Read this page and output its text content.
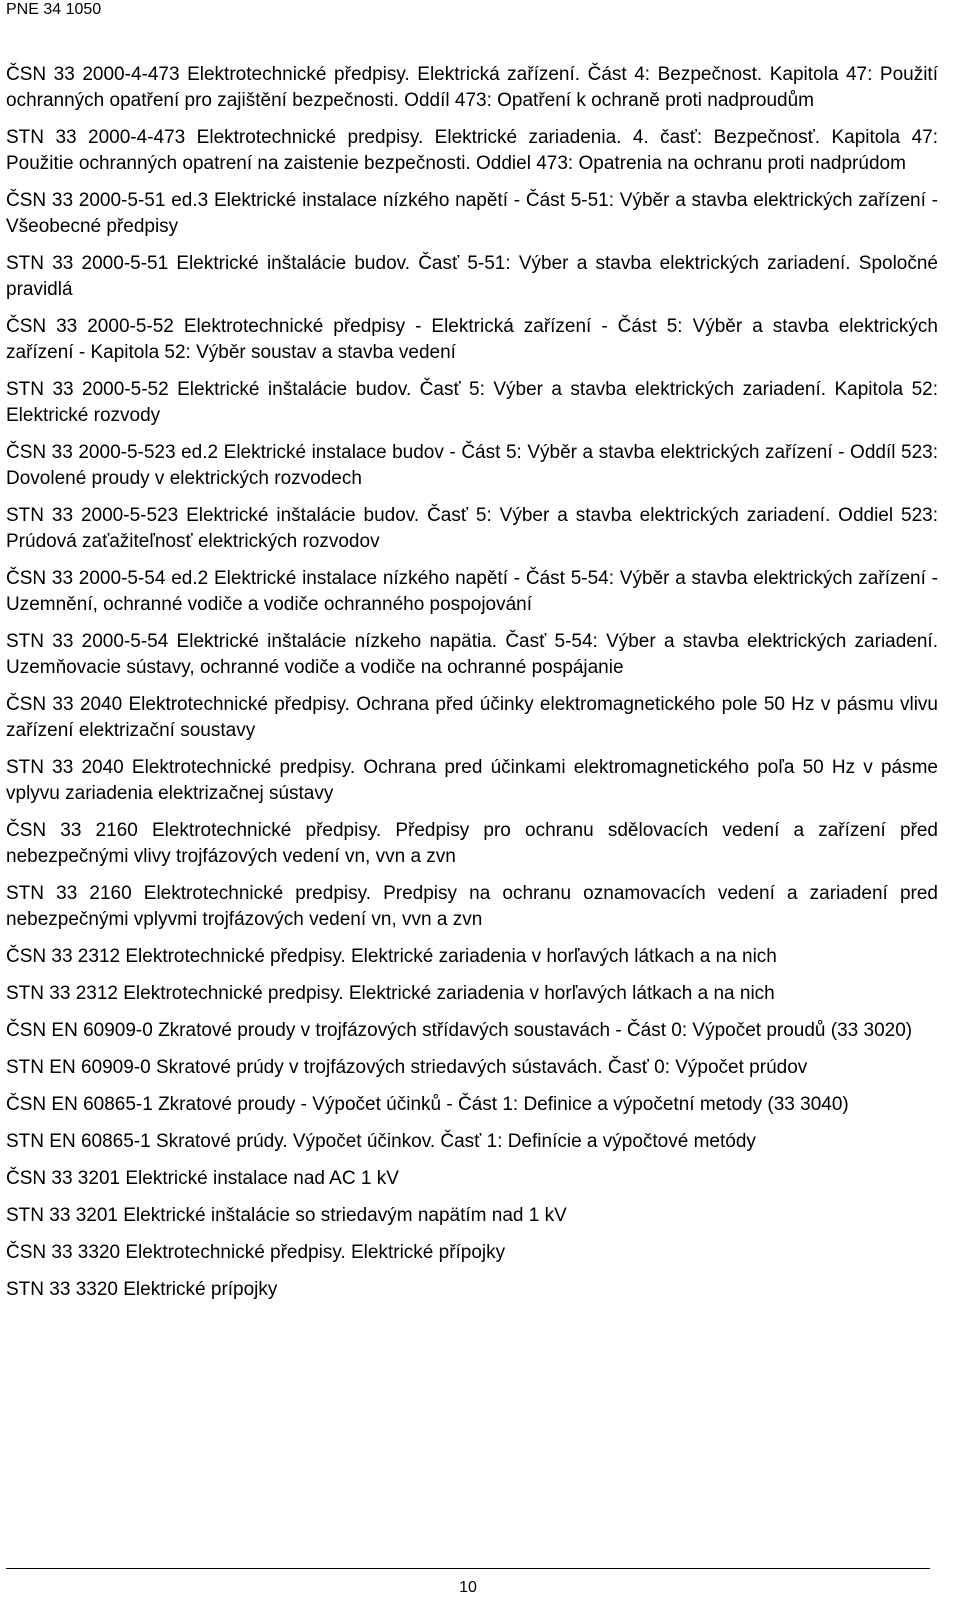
PNE 34 1050

ČSN 33 2000-4-473 Elektrotechnické předpisy. Elektrická zařízení. Část 4: Bezpečnost. Kapitola 47: Použití ochranných opatření pro zajištění bezpečnosti. Oddíl 473: Opatření k ochraně proti nadproudům

STN 33 2000-4-473 Elektrotechnické predpisy. Elektrické zariadenia. 4. časť: Bezpečnosť. Kapitola 47: Použitie ochranných opatrení na zaistenie bezpečnosti. Oddiel 473: Opatrenia na ochranu proti nadprúdom

ČSN 33 2000-5-51 ed.3 Elektrické instalace nízkého napětí - Část 5-51: Výběr a stavba elektrických zařízení - Všeobecné předpisy

STN 33 2000-5-51 Elektrické inštalácie budov. Časť 5-51: Výber a stavba elektrických zariadení. Spoločné pravidlá

ČSN 33 2000-5-52 Elektrotechnické předpisy - Elektrická zařízení - Část 5: Výběr a stavba elektrických zařízení - Kapitola 52: Výběr soustav a stavba vedení

STN 33 2000-5-52 Elektrické inštalácie budov. Časť 5: Výber a stavba elektrických zariadení. Kapitola 52: Elektrické rozvody

ČSN 33 2000-5-523 ed.2 Elektrické instalace budov - Část 5: Výběr a stavba elektrických zařízení - Oddíl 523: Dovolené proudy v elektrických rozvodech

STN 33 2000-5-523 Elektrické inštalácie budov. Časť 5: Výber a stavba elektrických zariadení. Oddiel 523: Prúdová zaťažiteľnosť elektrických rozvodov

ČSN 33 2000-5-54 ed.2 Elektrické instalace nízkého napětí - Část 5-54: Výběr a stavba elektrických zařízení - Uzemnění, ochranné vodiče a vodiče ochranného pospojování

STN 33 2000-5-54 Elektrické inštalácie nízkeho napätia. Časť 5-54: Výber a stavba elektrických zariadení. Uzemňovacie sústavy, ochranné vodiče a vodiče na ochranné pospájanie

ČSN 33 2040 Elektrotechnické předpisy. Ochrana před účinky elektromagnetického pole 50 Hz v pásmu vlivu zařízení elektrizační soustavy

STN 33 2040 Elektrotechnické predpisy. Ochrana pred účinkami elektromagnetického poľa 50 Hz v pásme vplyvu zariadenia elektrizačnej sústavy

ČSN 33 2160 Elektrotechnické předpisy. Předpisy pro ochranu sdělovacích vedení a zařízení před nebezpečnými vlivy trojfázových vedení vn, vvn a zvn

STN 33 2160 Elektrotechnické predpisy. Predpisy na ochranu oznamovacích vedení a zariadení pred nebezpečnými vplyvmi trojfázových vedení vn, vvn a zvn

ČSN 33 2312 Elektrotechnické předpisy. Elektrické zariadenia v horľavých látkach a na nich

STN 33 2312 Elektrotechnické predpisy. Elektrické zariadenia v horľavých látkach a na nich

ČSN EN 60909-0 Zkratové proudy v trojfázových střídavých soustavách - Část 0: Výpočet proudů (33 3020)

STN EN 60909-0 Skratové prúdy v trojfázových striedavých sústavách. Časť 0: Výpočet prúdov

ČSN EN 60865-1 Zkratové proudy - Výpočet účinků - Část 1: Definice a výpočetní metody (33 3040)

STN EN 60865-1 Skratové prúdy. Výpočet účinkov. Časť 1: Definície a výpočtové metódy

ČSN 33 3201 Elektrické instalace nad AC 1 kV

STN 33 3201 Elektrické inštalácie so striedavým napätím nad 1 kV

ČSN 33 3320 Elektrotechnické předpisy. Elektrické přípojky

STN 33 3320 Elektrické prípojky

10
